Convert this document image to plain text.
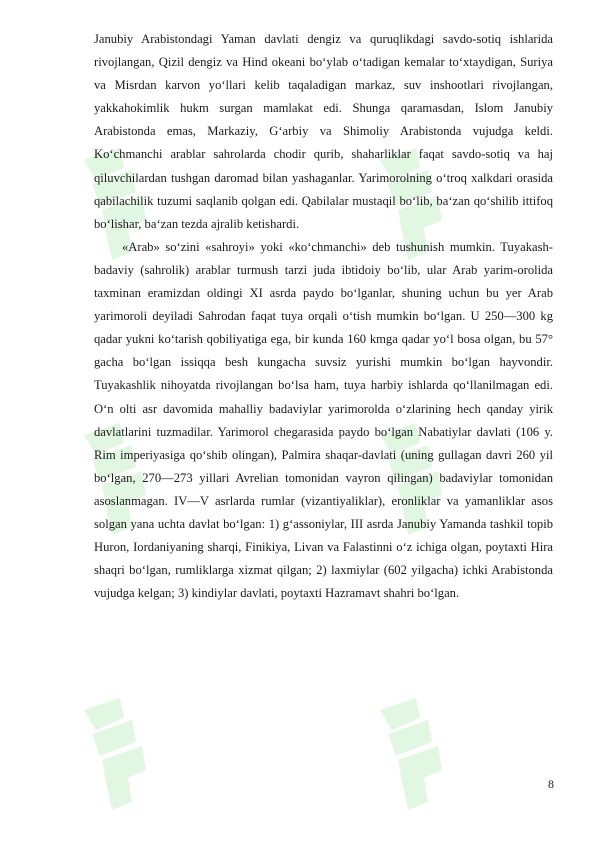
Janubiy Arabistondagi Yaman davlati dengiz va quruqlikdagi savdo-sotiq ishlarida rivojlangan, Qizil dengiz va Hind okeani bo‘ylab o‘tadigan kemalar to‘xtaydigan, Suriya va Misrdan karvon yo‘llari kelib taqaladigan markaz, suv inshootlari rivojlangan, yakkahokimlik hukm surgan mamlakat edi. Shunga qaramasdan, Islom Janubiy Arabistonda emas, Markaziy, G‘arbiy va Shimoliy Arabistonda vujudga keldi. Ko‘chmanchi arablar sahrolarda chodir qurib, shaharliklar faqat savdo-sotiq va haj qiluvchilardan tushgan daromad bilan yashaganlar. Yarimorolning o‘troq xalkdari orasida qabilachilik tuzumi saqlanib qolgan edi. Qabilalar mustaqil bo‘lib, ba‘zan qo‘shilib ittifoq bo‘lishar, ba‘zan tezda ajralib ketishardi.

«Arab» so‘zini «sahroyi» yoki «ko‘chmanchi» deb tushunish mumkin. Tuyakash-badaviy (sahrolik) arablar turmush tarzi juda ibtidoiy bo‘lib, ular Arab yarim-orolida taxminan eramizdan oldingi XI asrda paydo bo‘lganlar, shuning uchun bu yer Arab yarimoroli deyiladi Sahrodan faqat tuya orqali o‘tish mumkin bo‘lgan. U 250—300 kg qadar yukni ko‘tarish qobiliyatiga ega, bir kunda 160 kmga qadar yo‘l bosa olgan, bu 57° gacha bo‘lgan issiqqa besh kungacha suvsiz yurishi mumkin bo‘lgan hayvondir. Tuyakashlik nihoyatda rivojlangan bo‘lsa ham, tuya harbiy ishlarda qo‘llanilmagan edi. O‘n olti asr davomida mahalliy badaviylar yarimorolda o‘zlarining hech qanday yirik davlatlarini tuzmadilar. Yarimorol chegarasida paydo bo‘lgan Nabatiylar davlati (106 y. Rim imperiyasiga qo‘shib olingan), Palmira shaqar-davlati (uning gullagan davri 260 yil bo‘lgan, 270—273 yillari Avrelian tomonidan vayron qilingan) badaviylar tomonidan asoslanmagan. IV—V asrlarda rumlar (vizantiyaliklar), eronliklar va yamanliklar asos solgan yana uchta davlat bo‘lgan: 1) g‘assoniylar, III asrda Janubiy Yamanda tashkil topib Huron, Iordaniyaning sharqi, Finikiya, Livan va Falastinni o‘z ichiga olgan, poytaxti Hira shaqri bo‘lgan, rumliklarga xizmat qilgan; 2) laxmiylar (602 yilgacha) ichki Arabistonda vujudga kelgan; 3) kindiylar davlati, poytaxti Hazramavt shahri bo‘lgan.

8
